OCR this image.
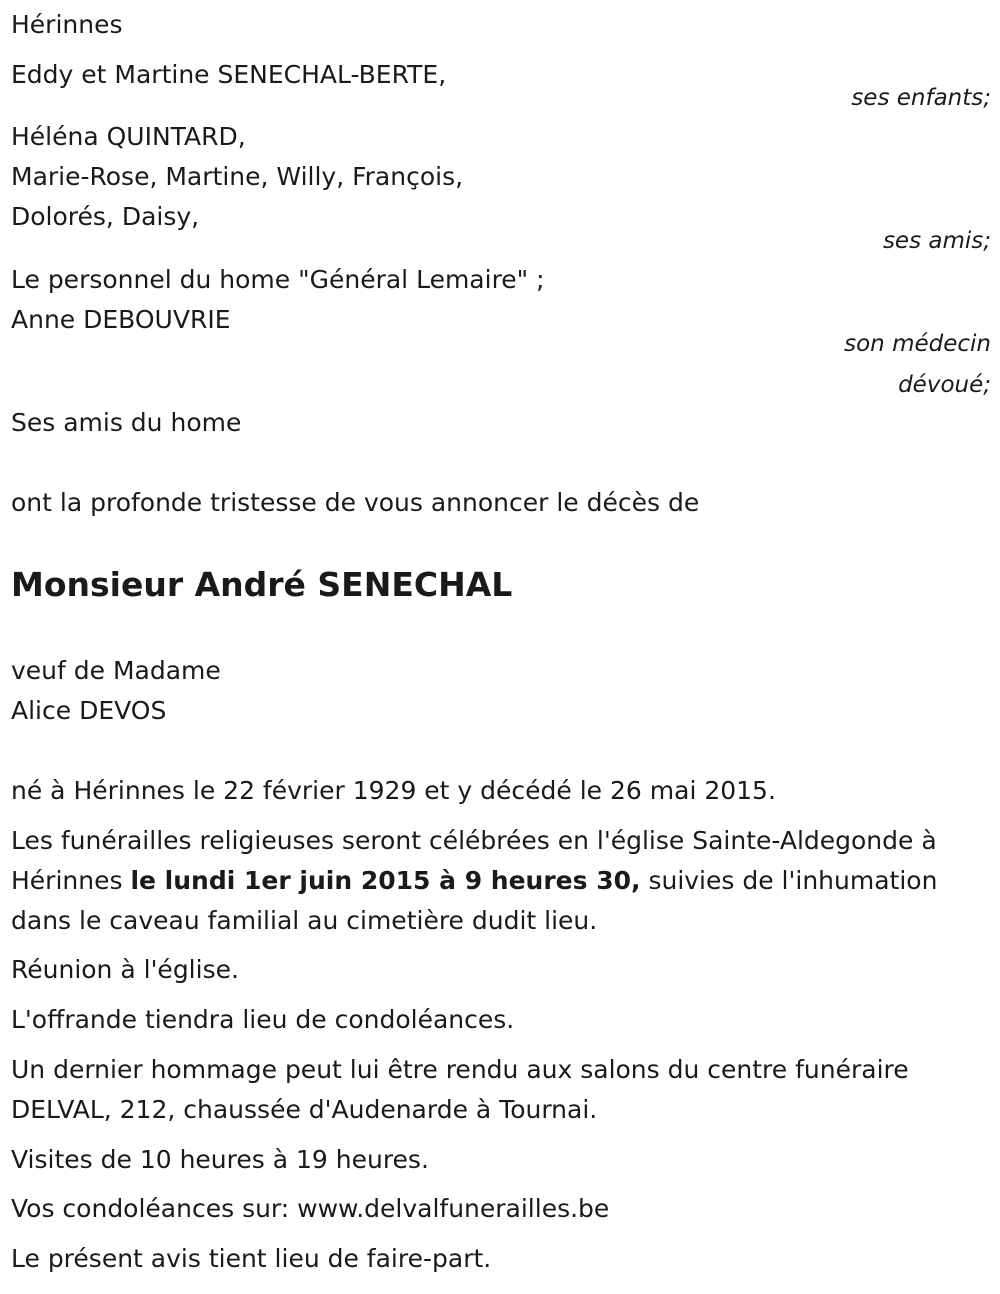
Hérinnes
Eddy et Martine SENECHAL-BERTE,
ses enfants;
Héléna QUINTARD,
Marie-Rose, Martine, Willy, François,
Dolorés, Daisy,
ses amis;
Le personnel du home "Général Lemaire" ;
Anne DEBOUVRIE
son médecin
dévoué;
Ses amis du home
ont la profonde tristesse de vous annoncer le décès de
Monsieur André SENECHAL
veuf de Madame
Alice DEVOS
né à Hérinnes le 22 février 1929 et y décédé le 26 mai 2015.
Les funérailles religieuses seront célébrées en l'église Sainte-Aldegonde à
Hérinnes le lundi 1er juin 2015 à 9 heures 30, suivies de l'inhumation
dans le caveau familial au cimetière dudit lieu.
Réunion à l'église.
L'offrande tiendra lieu de condoléances.
Un dernier hommage peut lui être rendu aux salons du centre funéraire
DELVAL, 212, chaussée d'Audenarde à Tournai.
Visites de 10 heures à 19 heures.
Vos condoléances sur: www.delvalfunerailles.be
Le présent avis tient lieu de faire-part.
